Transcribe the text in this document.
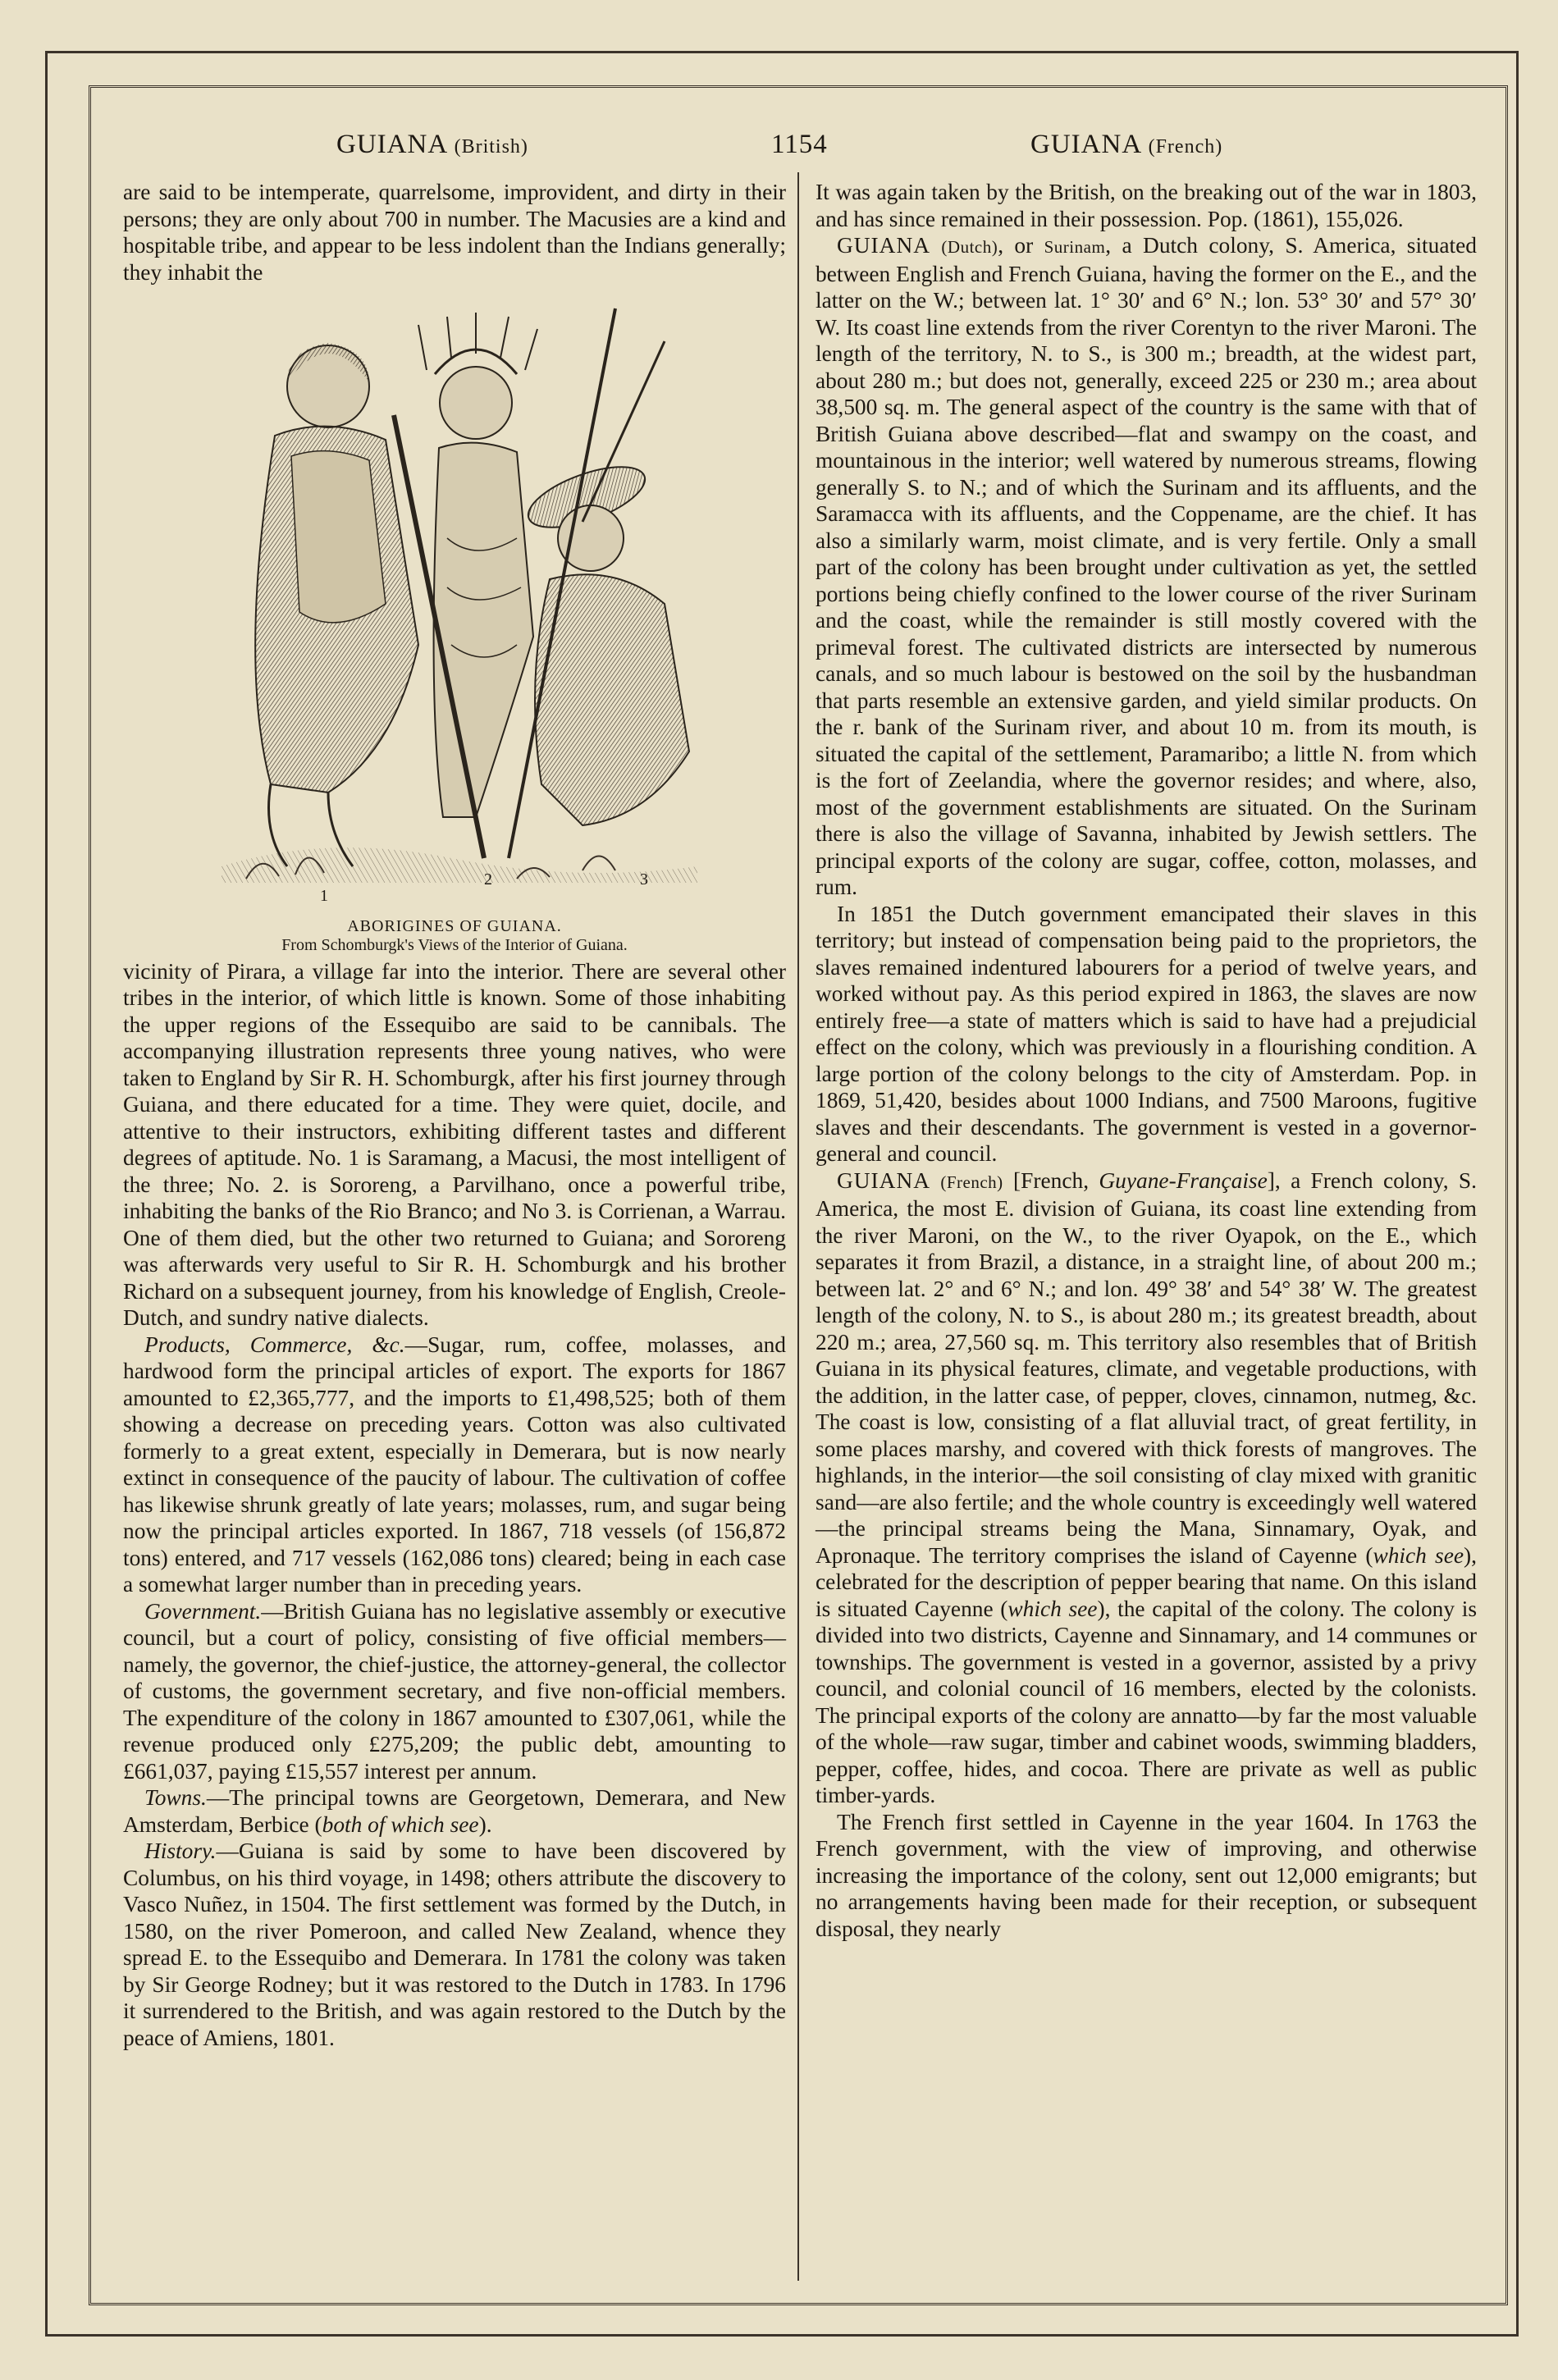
GUIANA (British)	1154	GUIANA (French)

are said to be intemperate, quarrelsome, improvident, and dirty in their persons; they are only about 700 in number. The Macusies are a kind and hospitable tribe, and appear to be less indolent than the Indians generally; they inhabit the

1
2	3
ABORIGINES OF GUIANA.
From Schomburgk's Views of the Interior of Guiana.

vicinity of Pirara, a village far into the interior. There are several other tribes in the interior, of which little is known. Some of those inhabiting the upper regions of the Essequibo are said to be cannibals. The accompanying illustration represents three young natives, who were taken to England by Sir R. H. Schomburgk, after his first journey through Guiana, and there educated for a time. They were quiet, docile, and attentive to their instructors, exhibiting different tastes and different degrees of aptitude. No. 1 is Saramang, a Macusi, the most intelligent of the three; No. 2. is Sororeng, a Parvilhano, once a powerful tribe, inhabiting the banks of the Rio Branco; and No 3. is Corrienan, a Warrau. One of them died, but the other two returned to Guiana; and Sororeng was afterwards very useful to Sir R. H. Schomburgk and his brother Richard on a subsequent journey, from his knowledge of English, Creole-Dutch, and sundry native dialects.

Products, Commerce, &c.—Sugar, rum, coffee, molasses, and hardwood form the principal articles of export. The exports for 1867 amounted to £2,365,777, and the imports to £1,498,525; both of them showing a decrease on preceding years. Cotton was also cultivated formerly to a great extent, especially in Demerara, but is now nearly extinct in consequence of the paucity of labour. The cultivation of coffee has likewise shrunk greatly of late years; molasses, rum, and sugar being now the principal articles exported. In 1867, 718 vessels (of 156,872 tons) entered, and 717 vessels (162,086 tons) cleared; being in each case a somewhat larger number than in preceding years.

Government.—British Guiana has no legislative assembly or executive council, but a court of policy, consisting of five official members—namely, the governor, the chief-justice, the attorney-general, the collector of customs, the government secretary, and five non-official members. The expenditure of the colony in 1867 amounted to £307,061, while the revenue produced only £275,209; the public debt, amounting to £661,037, paying £15,557 interest per annum.

Towns.—The principal towns are Georgetown, Demerara, and New Amsterdam, Berbice (both of which see).

History.—Guiana is said by some to have been discovered by Columbus, on his third voyage, in 1498; others attribute the discovery to Vasco Nuñez, in 1504. The first settlement was formed by the Dutch, in 1580, on the river Pomeroon, and called New Zealand, whence they spread E. to the Essequibo and Demerara. In 1781 the colony was taken by Sir George Rodney; but it was restored to the Dutch in 1783. In 1796 it surrendered to the British, and was again restored to the Dutch by the peace of Amiens, 1801.

It was again taken by the British, on the breaking out of the war in 1803, and has since remained in their possession. Pop. (1861), 155,026.

GUIANA (Dutch), or Surinam, a Dutch colony, S. America, situated between English and French Guiana, having the former on the E., and the latter on the W.; between lat. 1° 30′ and 6° N.; lon. 53° 30′ and 57° 30′ W. Its coast line extends from the river Corentyn to the river Maroni. The length of the territory, N. to S., is 300 m.; breadth, at the widest part, about 280 m.; but does not, generally, exceed 225 or 230 m.; area about 38,500 sq. m. The general aspect of the country is the same with that of British Guiana above described—flat and swampy on the coast, and mountainous in the interior; well watered by numerous streams, flowing generally S. to N.; and of which the Surinam and its affluents, and the Saramacca with its affluents, and the Coppename, are the chief. It has also a similarly warm, moist climate, and is very fertile. Only a small part of the colony has been brought under cultivation as yet, the settled portions being chiefly confined to the lower course of the river Surinam and the coast, while the remainder is still mostly covered with the primeval forest. The cultivated districts are intersected by numerous canals, and so much labour is bestowed on the soil by the husbandman that parts resemble an extensive garden, and yield similar products. On the r. bank of the Surinam river, and about 10 m. from its mouth, is situated the capital of the settlement, Paramaribo; a little N. from which is the fort of Zeelandia, where the governor resides; and where, also, most of the government establishments are situated. On the Surinam there is also the village of Savanna, inhabited by Jewish settlers. The principal exports of the colony are sugar, coffee, cotton, molasses, and rum.

In 1851 the Dutch government emancipated their slaves in this territory; but instead of compensation being paid to the proprietors, the slaves remained indentured labourers for a period of twelve years, and worked without pay. As this period expired in 1863, the slaves are now entirely free—a state of matters which is said to have had a prejudicial effect on the colony, which was previously in a flourishing condition. A large portion of the colony belongs to the city of Amsterdam. Pop. in 1869, 51,420, besides about 1000 Indians, and 7500 Maroons, fugitive slaves and their descendants. The government is vested in a governor-general and council.

GUIANA (French) [French, Guyane-Française], a French colony, S. America, the most E. division of Guiana, its coast line extending from the river Maroni, on the W., to the river Oyapok, on the E., which separates it from Brazil, a distance, in a straight line, of about 200 m.; between lat. 2° and 6° N.; and lon. 49° 38′ and 54° 38′ W. The greatest length of the colony, N. to S., is about 280 m.; its greatest breadth, about 220 m.; area, 27,560 sq. m. This territory also resembles that of British Guiana in its physical features, climate, and vegetable productions, with the addition, in the latter case, of pepper, cloves, cinnamon, nutmeg, &c. The coast is low, consisting of a flat alluvial tract, of great fertility, in some places marshy, and covered with thick forests of mangroves. The highlands, in the interior—the soil consisting of clay mixed with granitic sand—are also fertile; and the whole country is exceedingly well watered—the principal streams being the Mana, Sinnamary, Oyak, and Apronaque. The territory comprises the island of Cayenne (which see), celebrated for the description of pepper bearing that name. On this island is situated Cayenne (which see), the capital of the colony. The colony is divided into two districts, Cayenne and Sinnamary, and 14 communes or townships. The government is vested in a governor, assisted by a privy council, and colonial council of 16 members, elected by the colonists. The principal exports of the colony are annatto—by far the most valuable of the whole—raw sugar, timber and cabinet woods, swimming bladders, pepper, coffee, hides, and cocoa. There are private as well as public timber-yards.

The French first settled in Cayenne in the year 1604. In 1763 the French government, with the view of improving, and otherwise increasing the importance of the colony, sent out 12,000 emigrants; but no arrangements having been made for their reception, or subsequent disposal, they nearly
